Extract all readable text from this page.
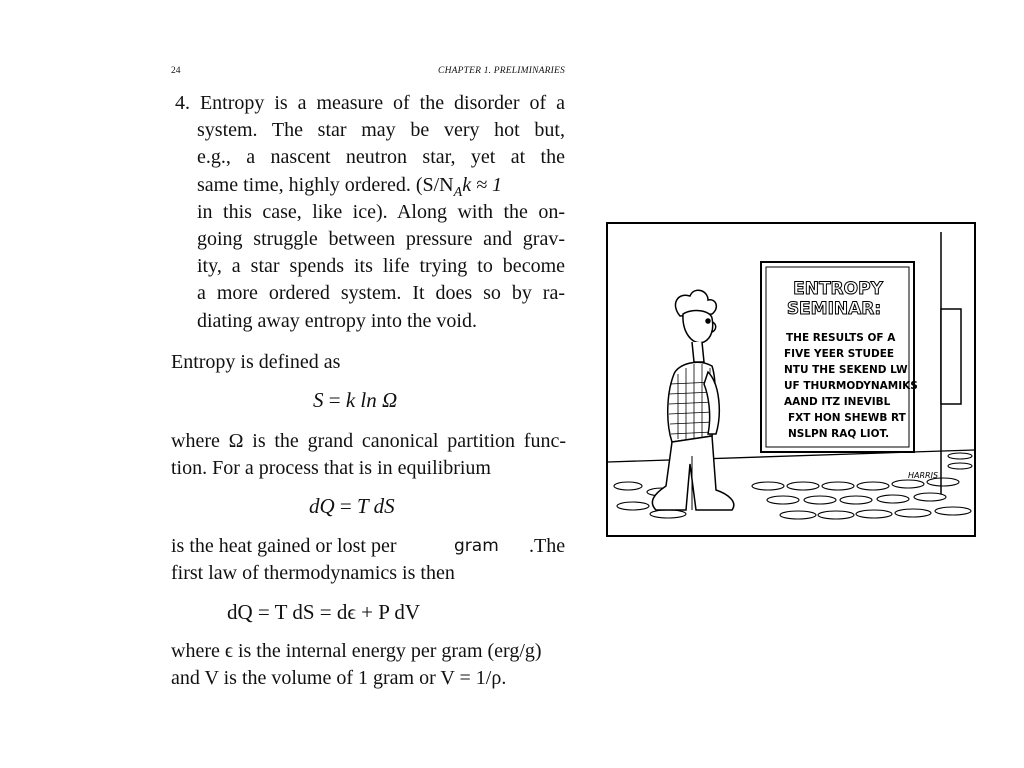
24	CHAPTER 1. PRELIMINARIES
4. Entropy is a measure of the disorder of a
system. The star may be very hot but,
e.g., a nascent neutron star, yet at the
same time, highly ordered. ($S/N_Ak \approx 1$
in this case, like ice). Along with the on-
going struggle between pressure and grav-
ity, a star spends its life trying to become
a more ordered system. It does so by ra-
diating away entropy into the void.
Entropy is defined as
S = k ln Ω
where Ω is the grand canonical partition func-
tion. For a process that is in equilibrium
dQ = T dS
is the heat gained or lost per	.The
first law of thermodynamics is then
gram
dQ = T dS = dϵ + P dV
where ϵ is the internal energy per gram (erg/g)
and V is the volume of 1 gram or V = 1/ρ.
ENTROPY
SEMINAR:
THE RESULTS OF A
FIVE YEER STUDEE
NTU THE SEKEND LW
UF THURMODYNAMIKS
AAND ITZ INEVIBL
FXT HON SHEWB RT
NSLPN RAQ LIOT.
HARRIS
